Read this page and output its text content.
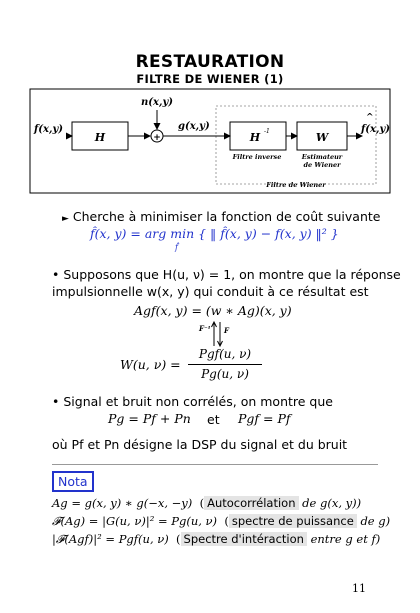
RESTAURATION
FILTRE DE WIENER (1)
f(x,y)
n(x,y)
H	+
g(x,y)
H -1	W
^
f(x,y)
Filtre inverse	Estimateur
de Wiener
Filtre de Wiener
► Cherche à minimiser la fonction de coût suivante
f̂(x, y) = arg min { ‖ f̂(x, y) − f(x, y) ‖² }
f̂
• Supposons que H(u, ν) = 1, on montre que la réponse
impulsionnelle w(x, y) qui conduit à ce résultat est
Agf(x, y) = (w ∗ Ag)(x, y)
F⁻¹ F
W(u, ν) =
Pgf(u, ν)
Pg(u, ν)
• Signal et bruit non corrélés, on montre que
Pg = Pf + Pn et Pgf = Pf
où Pf et Pn désigne la DSP du signal et du bruit
Nota
Ag = g(x, y) ∗ g(−x, −y)  ( Autocorrélation de g(x, y))
𝓕(Ag) = |G(u, ν)|² = Pg(u, ν)  ( spectre de puissance de g)
|𝓕(Agf)|² = Pgf(u, ν)  ( Spectre d'intéraction entre g et f)
11
